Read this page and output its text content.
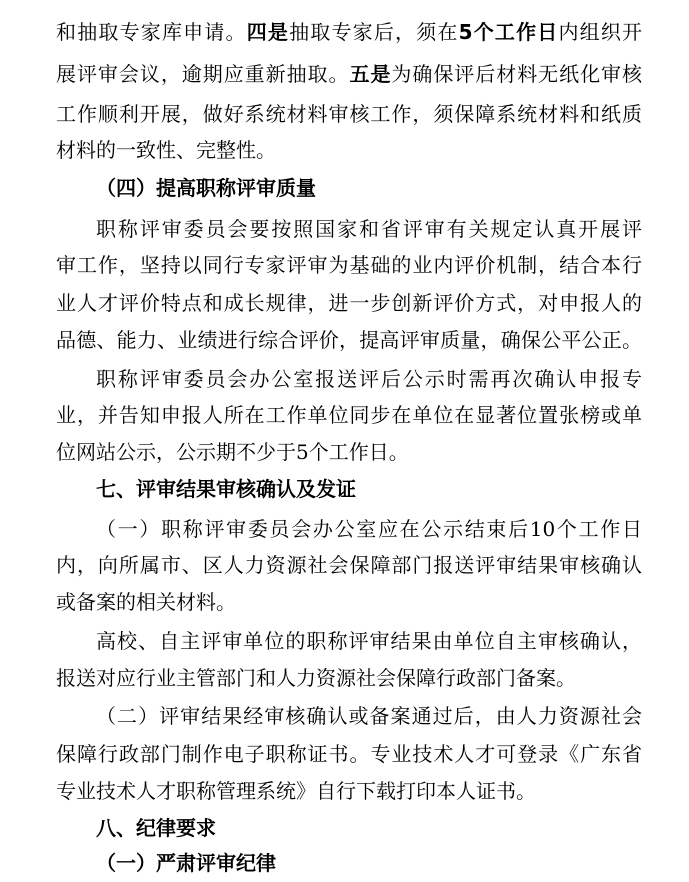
和抽取专家库申请。四是抽取专家后，须在5个工作日内组织开
展评审会议，逾期应重新抽取。五是为确保评后材料无纸化审核
工作顺利开展，做好系统材料审核工作，须保障系统材料和纸质
材料的一致性、完整性。
（四）提高职称评审质量
职称评审委员会要按照国家和省评审有关规定认真开展评
审工作，坚持以同行专家评审为基础的业内评价机制，结合本行
业人才评价特点和成长规律，进一步创新评价方式，对申报人的
品德、能力、业绩进行综合评价，提高评审质量，确保公平公正。
职称评审委员会办公室报送评后公示时需再次确认申报专
业，并告知申报人所在工作单位同步在单位在显著位置张榜或单
位网站公示，公示期不少于5个工作日。
七、评审结果审核确认及发证
（一）职称评审委员会办公室应在公示结束后10个工作日
内，向所属市、区人力资源社会保障部门报送评审结果审核确认
或备案的相关材料。
高校、自主评审单位的职称评审结果由单位自主审核确认，
报送对应行业主管部门和人力资源社会保障行政部门备案。
（二）评审结果经审核确认或备案通过后，由人力资源社会
保障行政部门制作电子职称证书。专业技术人才可登录《广东省
专业技术人才职称管理系统》自行下载打印本人证书。
八、纪律要求
（一）严肃评审纪律
